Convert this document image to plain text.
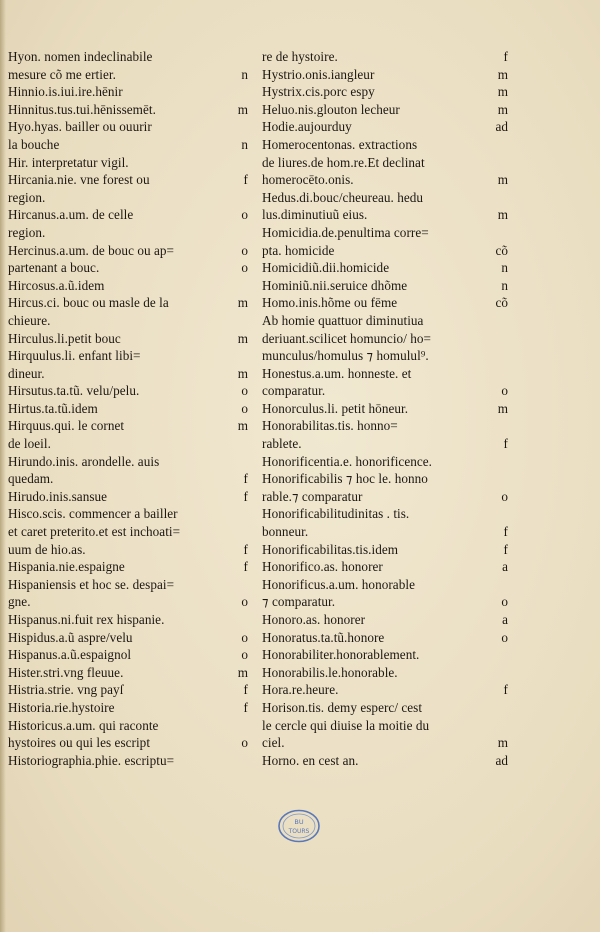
Hyon. nomen indeclinabile
mesure cõ me ertier.	n
Hinnio.is.iui.ire.hēnir
Hinnitus.tus.tui.hēnissemēt.	m
Hyo.hyas. bailler ou ouurir
la bouche	n
Hir. interpretatur vigil.
Hircania.nie. vne forest ou	f
region.
Hircanus.a.um. de celle	o
region.
Hercinus.a.um. de bouc ou ap=	o
partenant a bouc.	o
Hircosus.a.ũ.idem
Hircus.ci. bouc ou masle de la	m
chieure.
Hirculus.li.petit bouc	m
Hirquulus.li. enfant libi=
dineur.	m
Hirsutus.ta.tũ. velu/pelu.	o
Hirtus.ta.tũ.idem	o
Hirquus.qui. le cornet	m
de loeil.
Hirundo.inis. arondelle. auis
quedam.	f
Hirudo.inis.sansue	f
Hisco.scis. commencer a bailler
et caret preterito.et est inchoati=
uum de hio.as.	f
Hispania.nie.espaigne	f
Hispaniensis et hoc se. despai=
gne.	o
Hispanus.ni.fuit rex hispanie.
Hispidus.a.ũ aspre/velu	o
Hispanus.a.ũ.espaignol	o
Hister.stri.vng fleuue.	m
Histria.strie. vng payſ	f
Historia.rie.hystoire	f
Historicus.a.um. qui raconte
hystoires ou qui les escript	o
Historiographia.phie. escriptu=
re de hystoire.	f
Hystrio.onis.iangleur	m
Hystrix.cis.porc espy	m
Heluo.nis.glouton lecheur	m
Hodie.aujourduy	ad
Homerocentonas. extractions
de liures.de hom.re.Et declinat
homerocēto.onis.	m
Hedus.di.bouc/cheureau. hedu
lus.diminutiuũ eius.	m
Homicidia.de.penultima corre=
pta. homicide	cõ
Homicidiũ.dii.homicide	n
Hominiũ.nii.seruice dhõme	n
Homo.inis.hõme ou fēme	cõ
Ab homie quattuor diminutiua
deriuant.scilicet homuncio/ ho=
munculus/homulus ⁊ homulul⁹.
Honestus.a.um. honneste. et
comparatur.	o
Honorculus.li. petit hōneur.	m
Honorabilitas.tis. honno=
rablete.	f
Honorificentia.e. honorificence.
Honorificabilis ⁊ hoc le. honno
rable.⁊ comparatur	o
Honorificabilitudinitas . tis.
bonneur.	f
Honorificabilitas.tis.idem	f
Honorifico.as. honorer	a
Honorificus.a.um. honorable
⁊ comparatur.	o
Honoro.as. honorer	a
Honoratus.ta.tũ.honore	o
Honorabiliter.honorablement.
Honorabilis.le.honorable.
Hora.re.heure.	f
Horison.tis. demy esperc/ cest
le cercle qui diuise la moitie du
ciel.	m
Horno. en cest an.	ad
BU
TOURS
